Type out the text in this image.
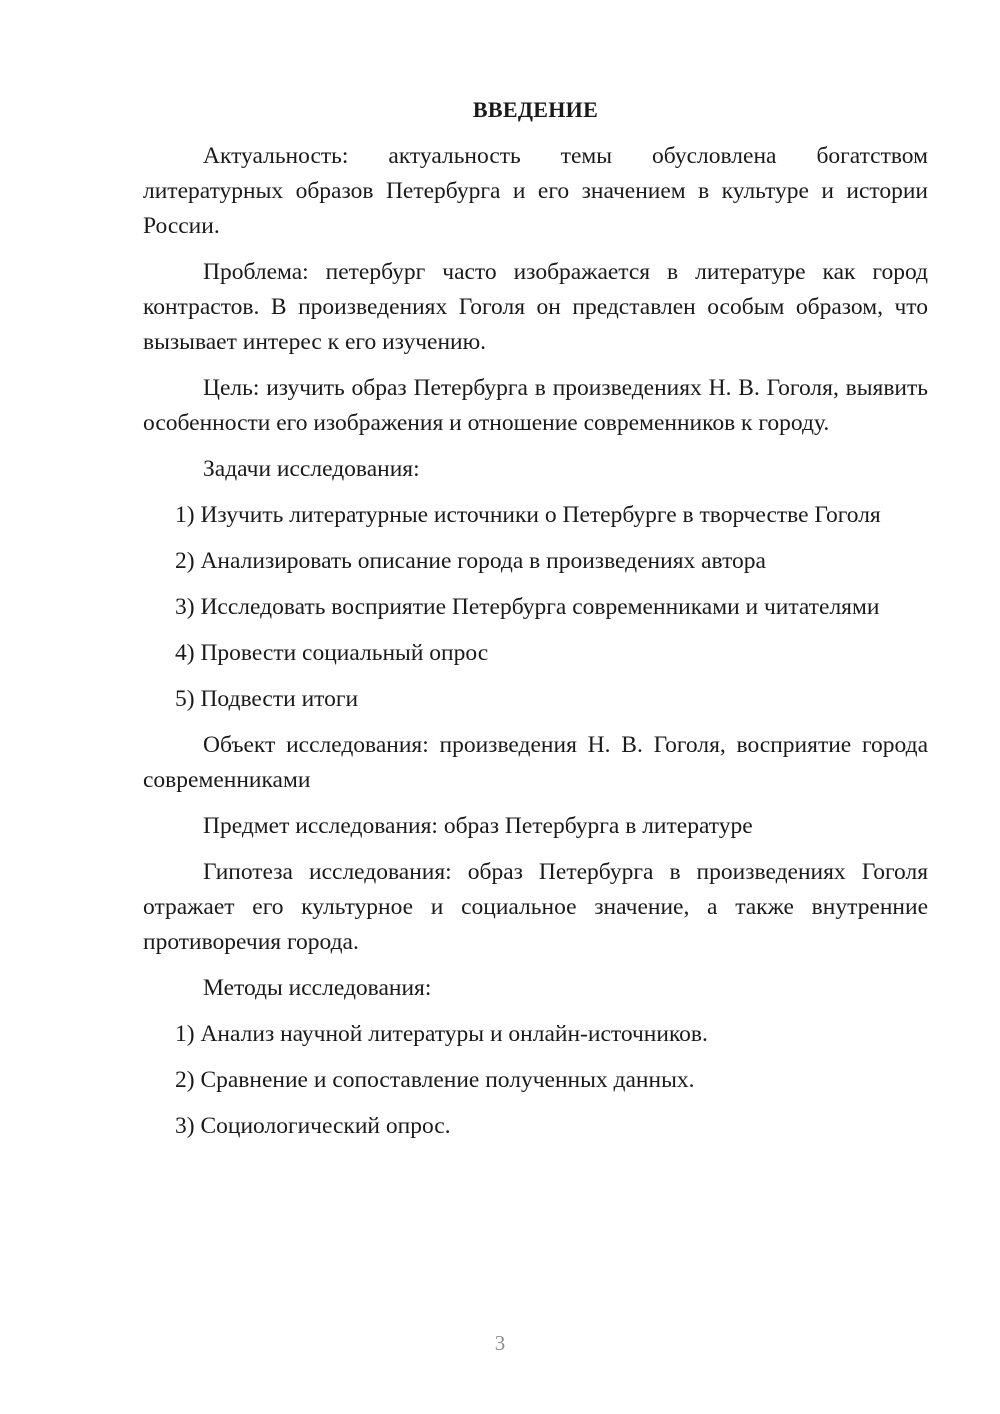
ВВЕДЕНИЕ

Актуальность: актуальность темы обусловлена богатством литературных образов Петербурга и его значением в культуре и истории России.

Проблема: петербург часто изображается в литературе как город контрастов. В произведениях Гоголя он представлен особым образом, что вызывает интерес к его изучению.

Цель: изучить образ Петербурга в произведениях Н. В. Гоголя, выявить особенности его изображения и отношение современников к городу.

Задачи исследования:

1) Изучить литературные источники о Петербурге в творчестве Гоголя

2) Анализировать описание города в произведениях автора

3) Исследовать восприятие Петербурга современниками и читателями

4) Провести социальный опрос

5) Подвести итоги

Объект исследования: произведения Н. В. Гоголя, восприятие города современниками

Предмет исследования: образ Петербурга в литературе

Гипотеза исследования: образ Петербурга в произведениях Гоголя отражает его культурное и социальное значение, а также внутренние противоречия города.

Методы исследования:

1) Анализ научной литературы и онлайн-источников.

2) Сравнение и сопоставление полученных данных.

3) Социологический опрос.

3
